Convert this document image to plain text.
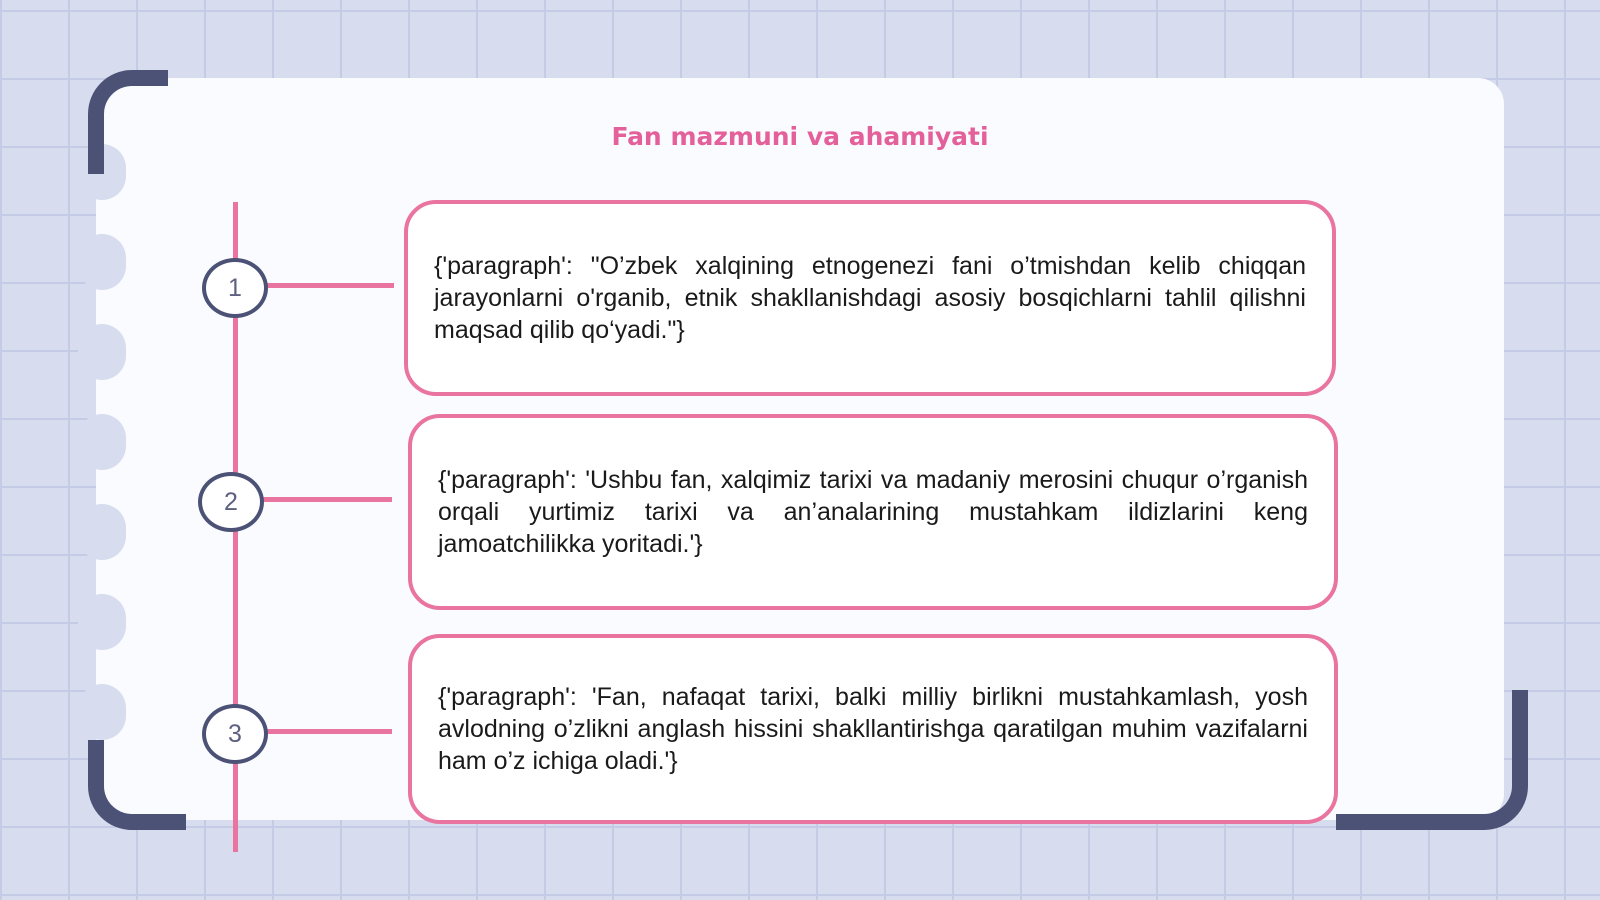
Fan mazmuni va ahamiyati
1

{'paragraph': "O’zbek xalqining etnogenezi fani o’tmishdan kelib chiqqan jarayonlarni o'rganib, etnik shakllanishdagi asosiy bosqichlarni tahlil qilishni maqsad qilib qo‘yadi."}

2

{'paragraph': 'Ushbu fan, xalqimiz tarixi va madaniy merosini chuqur o’rganish orqali yurtimiz tarixi va an’analarining mustahkam ildizlarini keng jamoatchilikka yoritadi.'}

3

{'paragraph': 'Fan, nafaqat tarixi, balki milliy birlikni mustahkamlash, yosh avlodning o’zlikni anglash hissini shakllantirishga qaratilgan muhim vazifalarni ham o’z ichiga oladi.'}
